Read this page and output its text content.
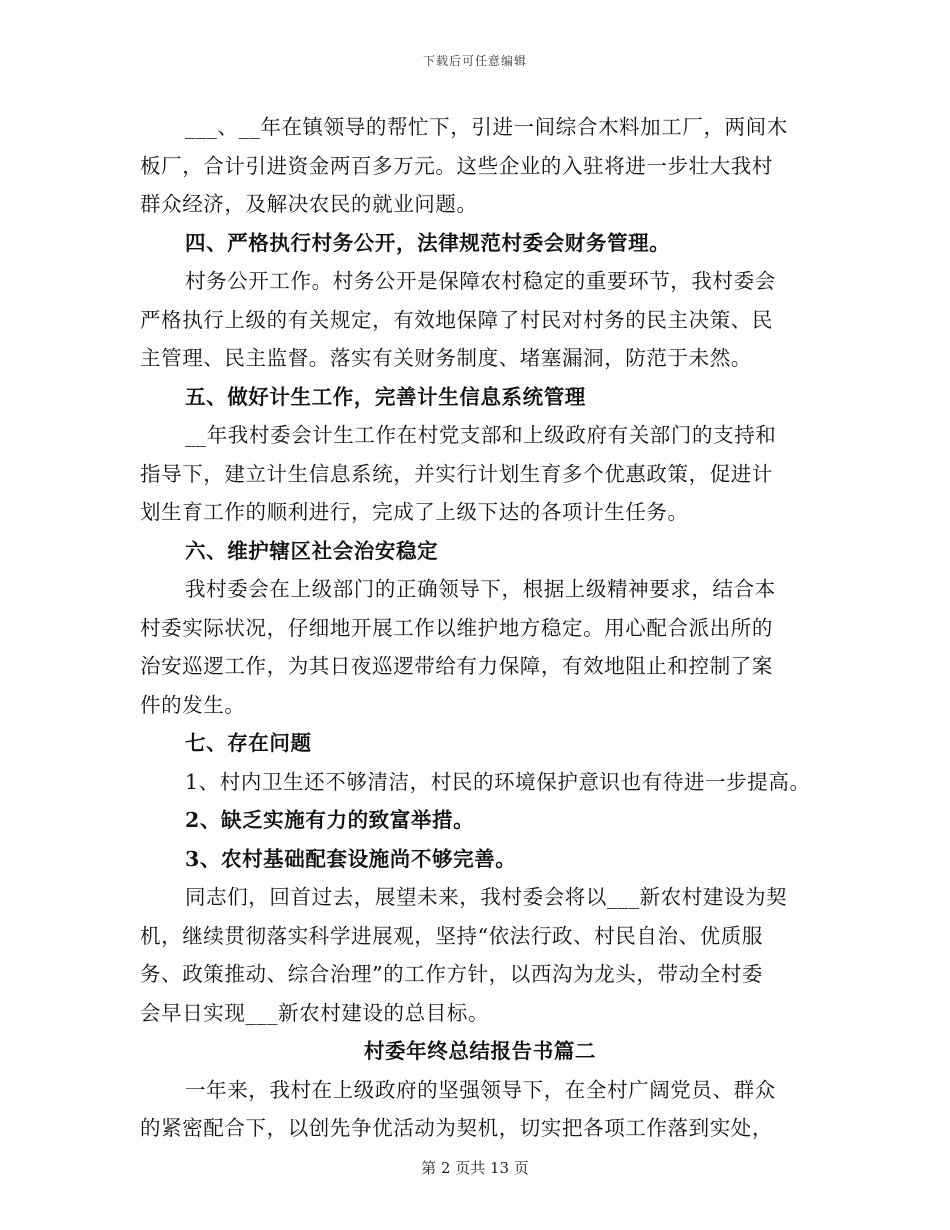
下载后可任意编辑
___、__年在镇领导的帮忙下，引进一间综合木料加工厂，两间木
板厂，合计引进资金两百多万元。这些企业的入驻将进一步壮大我村
群众经济，及解决农民的就业问题。
四、严格执行村务公开，法律规范村委会财务管理。
村务公开工作。村务公开是保障农村稳定的重要环节，我村委会
严格执行上级的有关规定，有效地保障了村民对村务的民主决策、民
主管理、民主监督。落实有关财务制度、堵塞漏洞，防范于未然。
五、做好计生工作，完善计生信息系统管理
__年我村委会计生工作在村党支部和上级政府有关部门的支持和
指导下，建立计生信息系统，并实行计划生育多个优惠政策，促进计
划生育工作的顺利进行，完成了上级下达的各项计生任务。
六、维护辖区社会治安稳定
我村委会在上级部门的正确领导下，根据上级精神要求，结合本
村委实际状况，仔细地开展工作以维护地方稳定。用心配合派出所的
治安巡逻工作，为其日夜巡逻带给有力保障，有效地阻止和控制了案
件的发生。
七、存在问题
1、村内卫生还不够清洁，村民的环境保护意识也有待进一步提高。
2、缺乏实施有力的致富举措。
3、农村基础配套设施尚不够完善。
同志们，回首过去，展望未来，我村委会将以___新农村建设为契
机，继续贯彻落实科学进展观，坚持“依法行政、村民自治、优质服
务、政策推动、综合治理”的工作方针，以西沟为龙头，带动全村委
会早日实现___新农村建设的总目标。
村委年终总结报告书篇二
一年来，我村在上级政府的坚强领导下，在全村广阔党员、群众
的紧密配合下，以创先争优活动为契机，切实把各项工作落到实处，
第 2 页共 13 页
